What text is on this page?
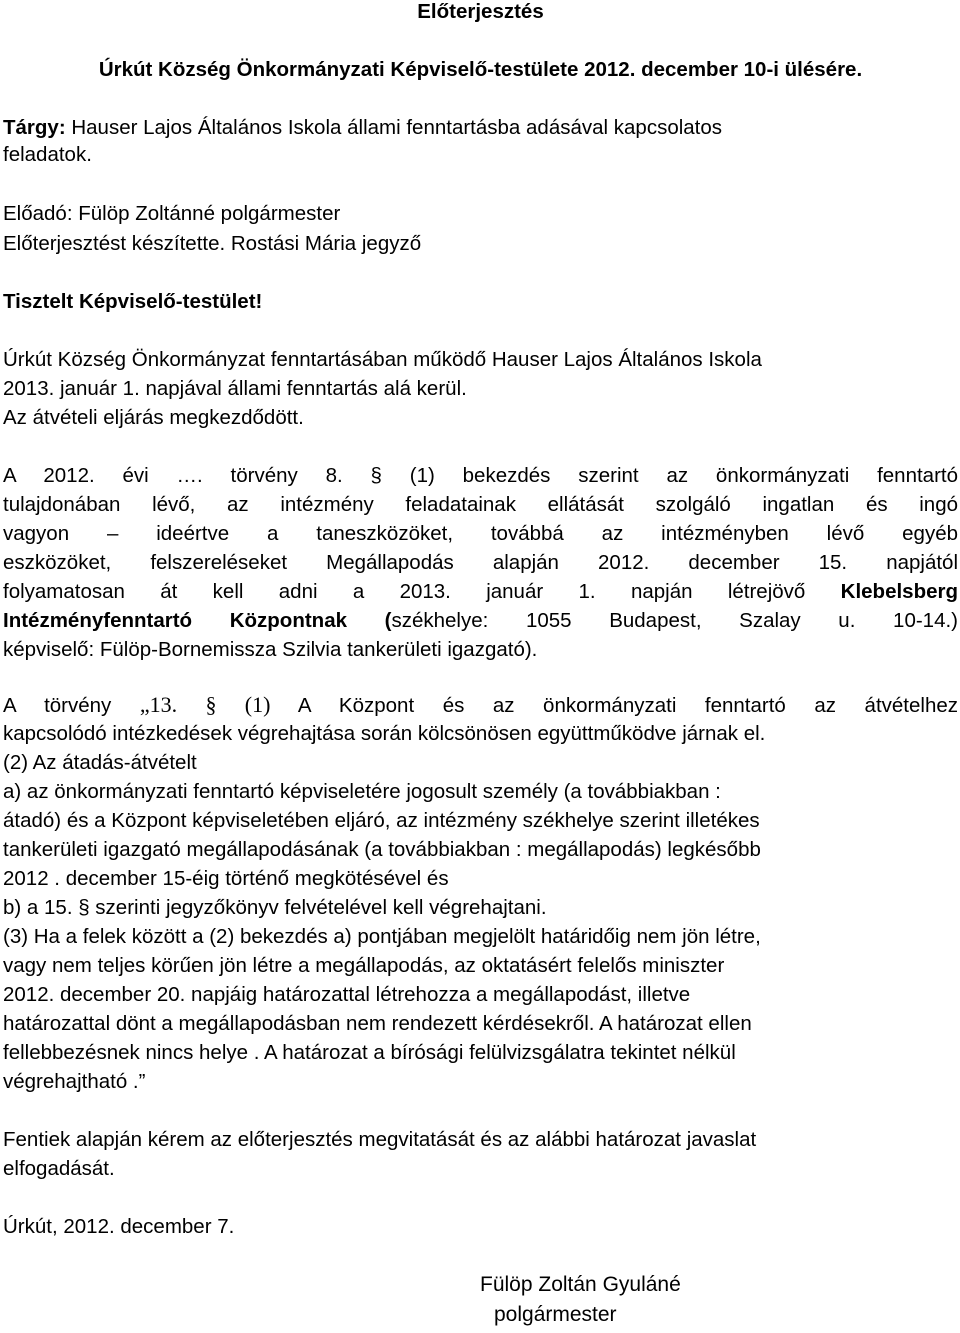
Előterjesztés
Úrkút Község Önkormányzati Képviselő-testülete 2012. december 10-i ülésére.
Tárgy: Hauser Lajos Általános Iskola állami fenntartásba adásával kapcsolatos
feladatok.
Előadó: Fülöp Zoltánné polgármester
Előterjesztést készítette. Rostási Mária jegyző
Tisztelt Képviselő-testület!
Úrkút Község Önkormányzat fenntartásában működő Hauser Lajos Általános Iskola
2013. január 1. napjával állami fenntartás alá kerül.
Az átvételi eljárás megkezdődött.
A 2012. évi …. törvény 8. § (1) bekezdés szerint az önkormányzati fenntartó
tulajdonában lévő, az intézmény feladatainak ellátását szolgáló ingatlan és ingó
vagyon – ideértve a taneszközöket, továbbá az intézményben lévő egyéb
eszközöket, felszereléseket Megállapodás alapján 2012. december 15. napjától
folyamatosan át kell adni a 2013. január 1. napján létrejövő Klebelsberg
Intézményfenntartó Központnak (székhelye: 1055 Budapest, Szalay u. 10-14.)
képviselő: Fülöp-Bornemissza Szilvia tankerületi igazgató).
A törvény „13. § (1) A Központ és az önkormányzati fenntartó az átvételhez
kapcsolódó intézkedések végrehajtása során kölcsönösen együttműködve járnak el.
(2) Az átadás-átvételt
a) az önkormányzati fenntartó képviseletére jogosult személy (a továbbiakban :
átadó) és a Központ képviseletében eljáró, az intézmény székhelye szerint illetékes
tankerületi igazgató megállapodásának (a továbbiakban : megállapodás) legkésőbb
2012 . december 15-éig történő megkötésével és
b) a 15. § szerinti jegyzőkönyv felvételével kell végrehajtani.
(3) Ha a felek között a (2) bekezdés a) pontjában megjelölt határidőig nem jön létre,
vagy nem teljes körűen jön létre a megállapodás, az oktatásért felelős miniszter
2012. december 20. napjáig határozattal létrehozza a megállapodást, illetve
határozattal dönt a megállapodásban nem rendezett kérdésekről. A határozat ellen
fellebbezésnek nincs helye . A határozat a bírósági felülvizsgálatra tekintet nélkül
végrehajtható .”
Fentiek alapján kérem az előterjesztés megvitatását és az alábbi határozat javaslat
elfogadását.
Úrkút, 2012. december 7.
Fülöp Zoltán Gyuláné
polgármester
